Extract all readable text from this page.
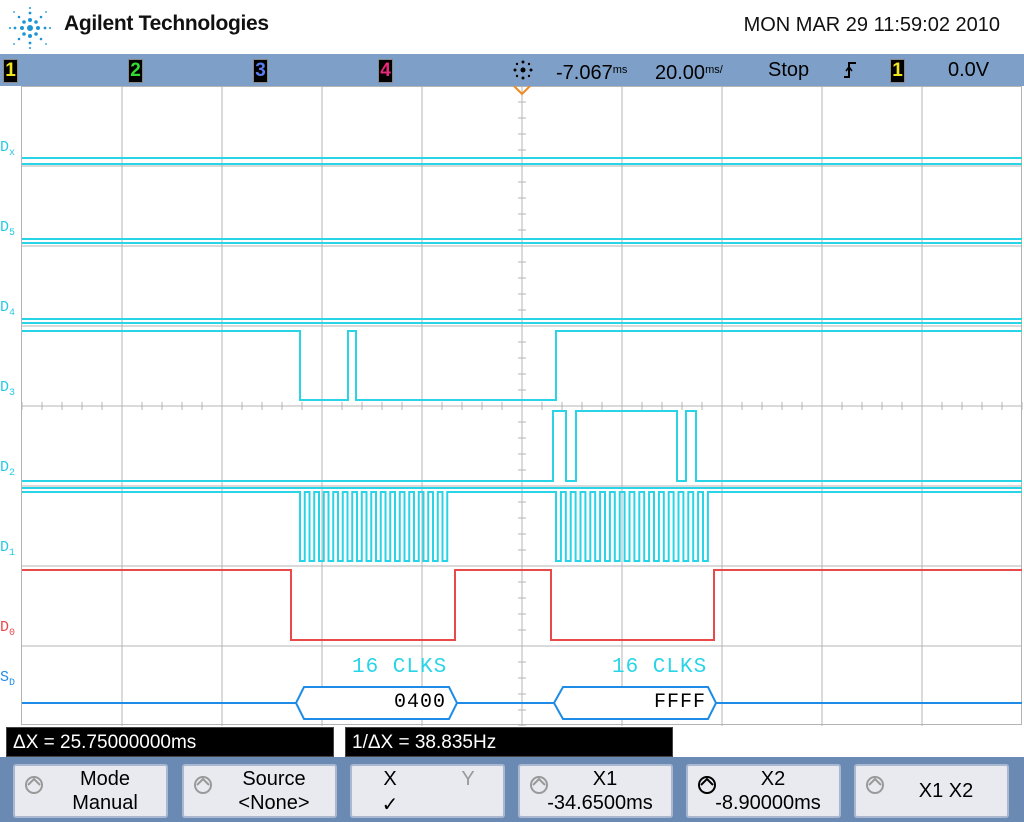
Agilent Technologies	MON MAR 29 11:59:02 2010
1	2	3	4	$-7.067^{ms}$ $20.00^{ms/}$ Stop	1 0.0V
$D_x$
$D_5$
$D_4$
$D_3$
$D_2$
$D_1$
$D_0$
$S_D$
16 CLKS	16 CLKS
0400	FFFF
ΔX = 25.75000000ms	1/ΔX = 38.835Hz
Mode
Manual
Source
<None>
X	Y
✓
X1
-34.6500ms
X2
-8.90000ms
X1 X2
